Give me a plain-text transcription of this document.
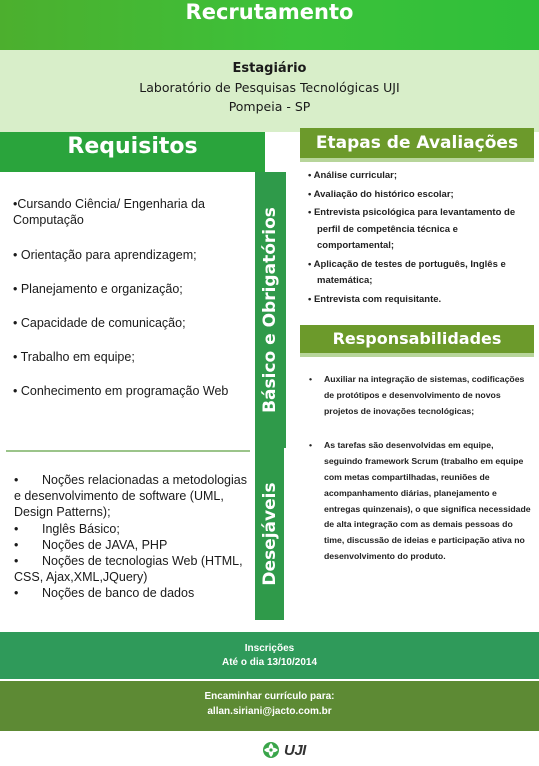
Recrutamento
Estagiário
Laboratório de Pesquisas Tecnológicas UJI
Pompeia - SP
Requisitos
Básico e Obrigatórios
Desejáveis
•Cursando Ciência/ Engenharia da Computação
• Orientação para aprendizagem;
• Planejamento e organização;
• Capacidade de comunicação;
• Trabalho em equipe;
• Conhecimento em programação Web
• Noções relacionadas a metodologias e desenvolvimento de software (UML, Design Patterns);
• Inglês Básico;
• Noções de JAVA, PHP
• Noções de tecnologias Web (HTML, CSS, Ajax,XML,JQuery)
• Noções de banco de dados
Etapas de Avaliações
• Análise curricular;
• Avaliação do histórico escolar;
• Entrevista psicológica para levantamento de perfil de competência técnica e comportamental;
• Aplicação de testes de português, Inglês e matemática;
• Entrevista com requisitante.
Responsabilidades
• Auxiliar na integração de sistemas, codificações de protótipos e desenvolvimento de novos projetos de inovações tecnológicas;
• As tarefas são desenvolvidas em equipe, seguindo framework Scrum (trabalho em equipe com metas compartilhadas, reuniões de acompanhamento diárias, planejamento e entregas quinzenais), o que significa necessidade de alta integração com as demais pessoas do time, discussão de ideias e participação ativa no desenvolvimento do produto.
Inscrições
Até o dia 13/10/2014
Encaminhar currículo para:
allan.siriani@jacto.com.br
UJI
